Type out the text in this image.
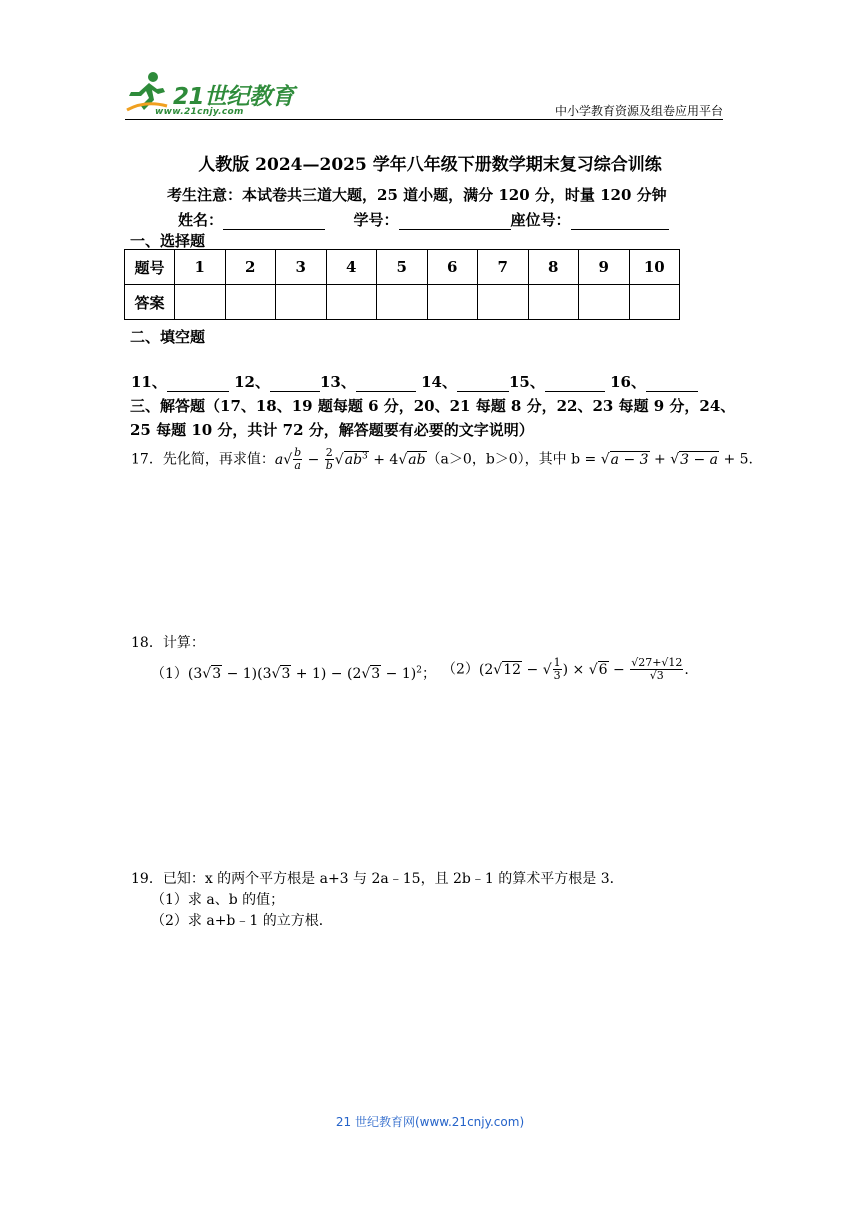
21世纪教育
www.21cnjy.com	中小学教育资源及组卷应用平台
人教版 2024—2025 学年八年级下册数学期末复习综合训练
考生注意：本试卷共三道大题，25 道小题，满分 120 分，时量 120 分钟
姓名：	学号：	座位号：
一、选择题
题号	1	2	3	4	5	6	7	8	9	10
答案										
二、填空题
11、	12、	13、	14、	15、	16、
三、解答题（17、18、19 题每题 6 分，20、21 每题 8 分，22、23 每题 9 分，24、
25 每题 10 分，共计 72 分，解答题要有必要的文字说明）
17．先化简，再求值：$a√ \frac{b}{a} - \frac{2}{b} √ab^3 + 4√ab(a>0$，b＞0），其中 b = √a − 3 + √3 − a + 5.
18．计算：
$(1)(3√3 - 1)(3√3 + 1) - (2√3 - 1)^2$； （2）(2√12 − √ $\frac{1}{3}$ ) × $√6 - \frac{√27+√12}{√3}$ .
19．已知：x 的两个平方根是 a+3 与 2a﹣15，且 2b﹣1 的算术平方根是 3．
（1）求 a、b 的值；
（2）求 a+b﹣1 的立方根．
21 世纪教育网(www.21cnjy.com)
